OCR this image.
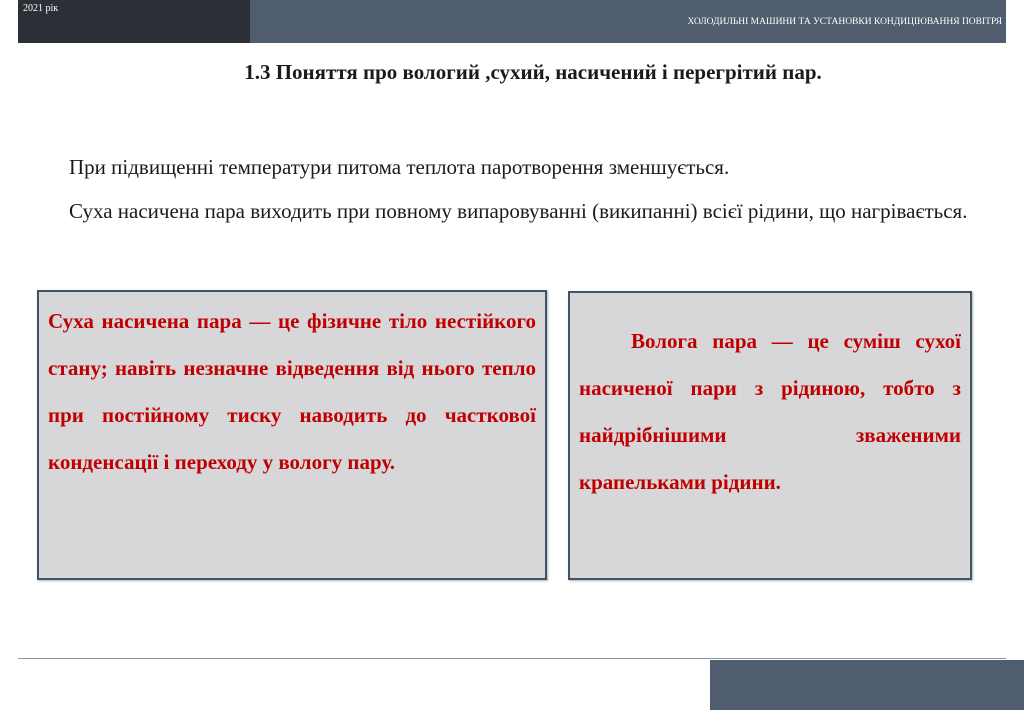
2021 рік
ХОЛОДИЛЬНІ МАШИНИ ТА УСТАНОВКИ КОНДИЦІЮВАННЯ ПОВІТРЯ
1.3 Поняття про вологий ,сухий, насичений і перегрітий пар.

При підвищенні температури питома теплота паротворення зменшується.

Суха насичена пара виходить при повному випаровуванні (википанні) всієї рідини, що нагрівається.

Суха насичена пара — це фізичне тіло нестійкого стану; навіть незначне відведення від нього тепло при постійному тиску наводить до часткової конденсації і переходу у вологу пару.

Волога пара — це суміш сухої насиченої пари з рідиною, тобто з найдрібнішими зваженими крапельками рідини.
